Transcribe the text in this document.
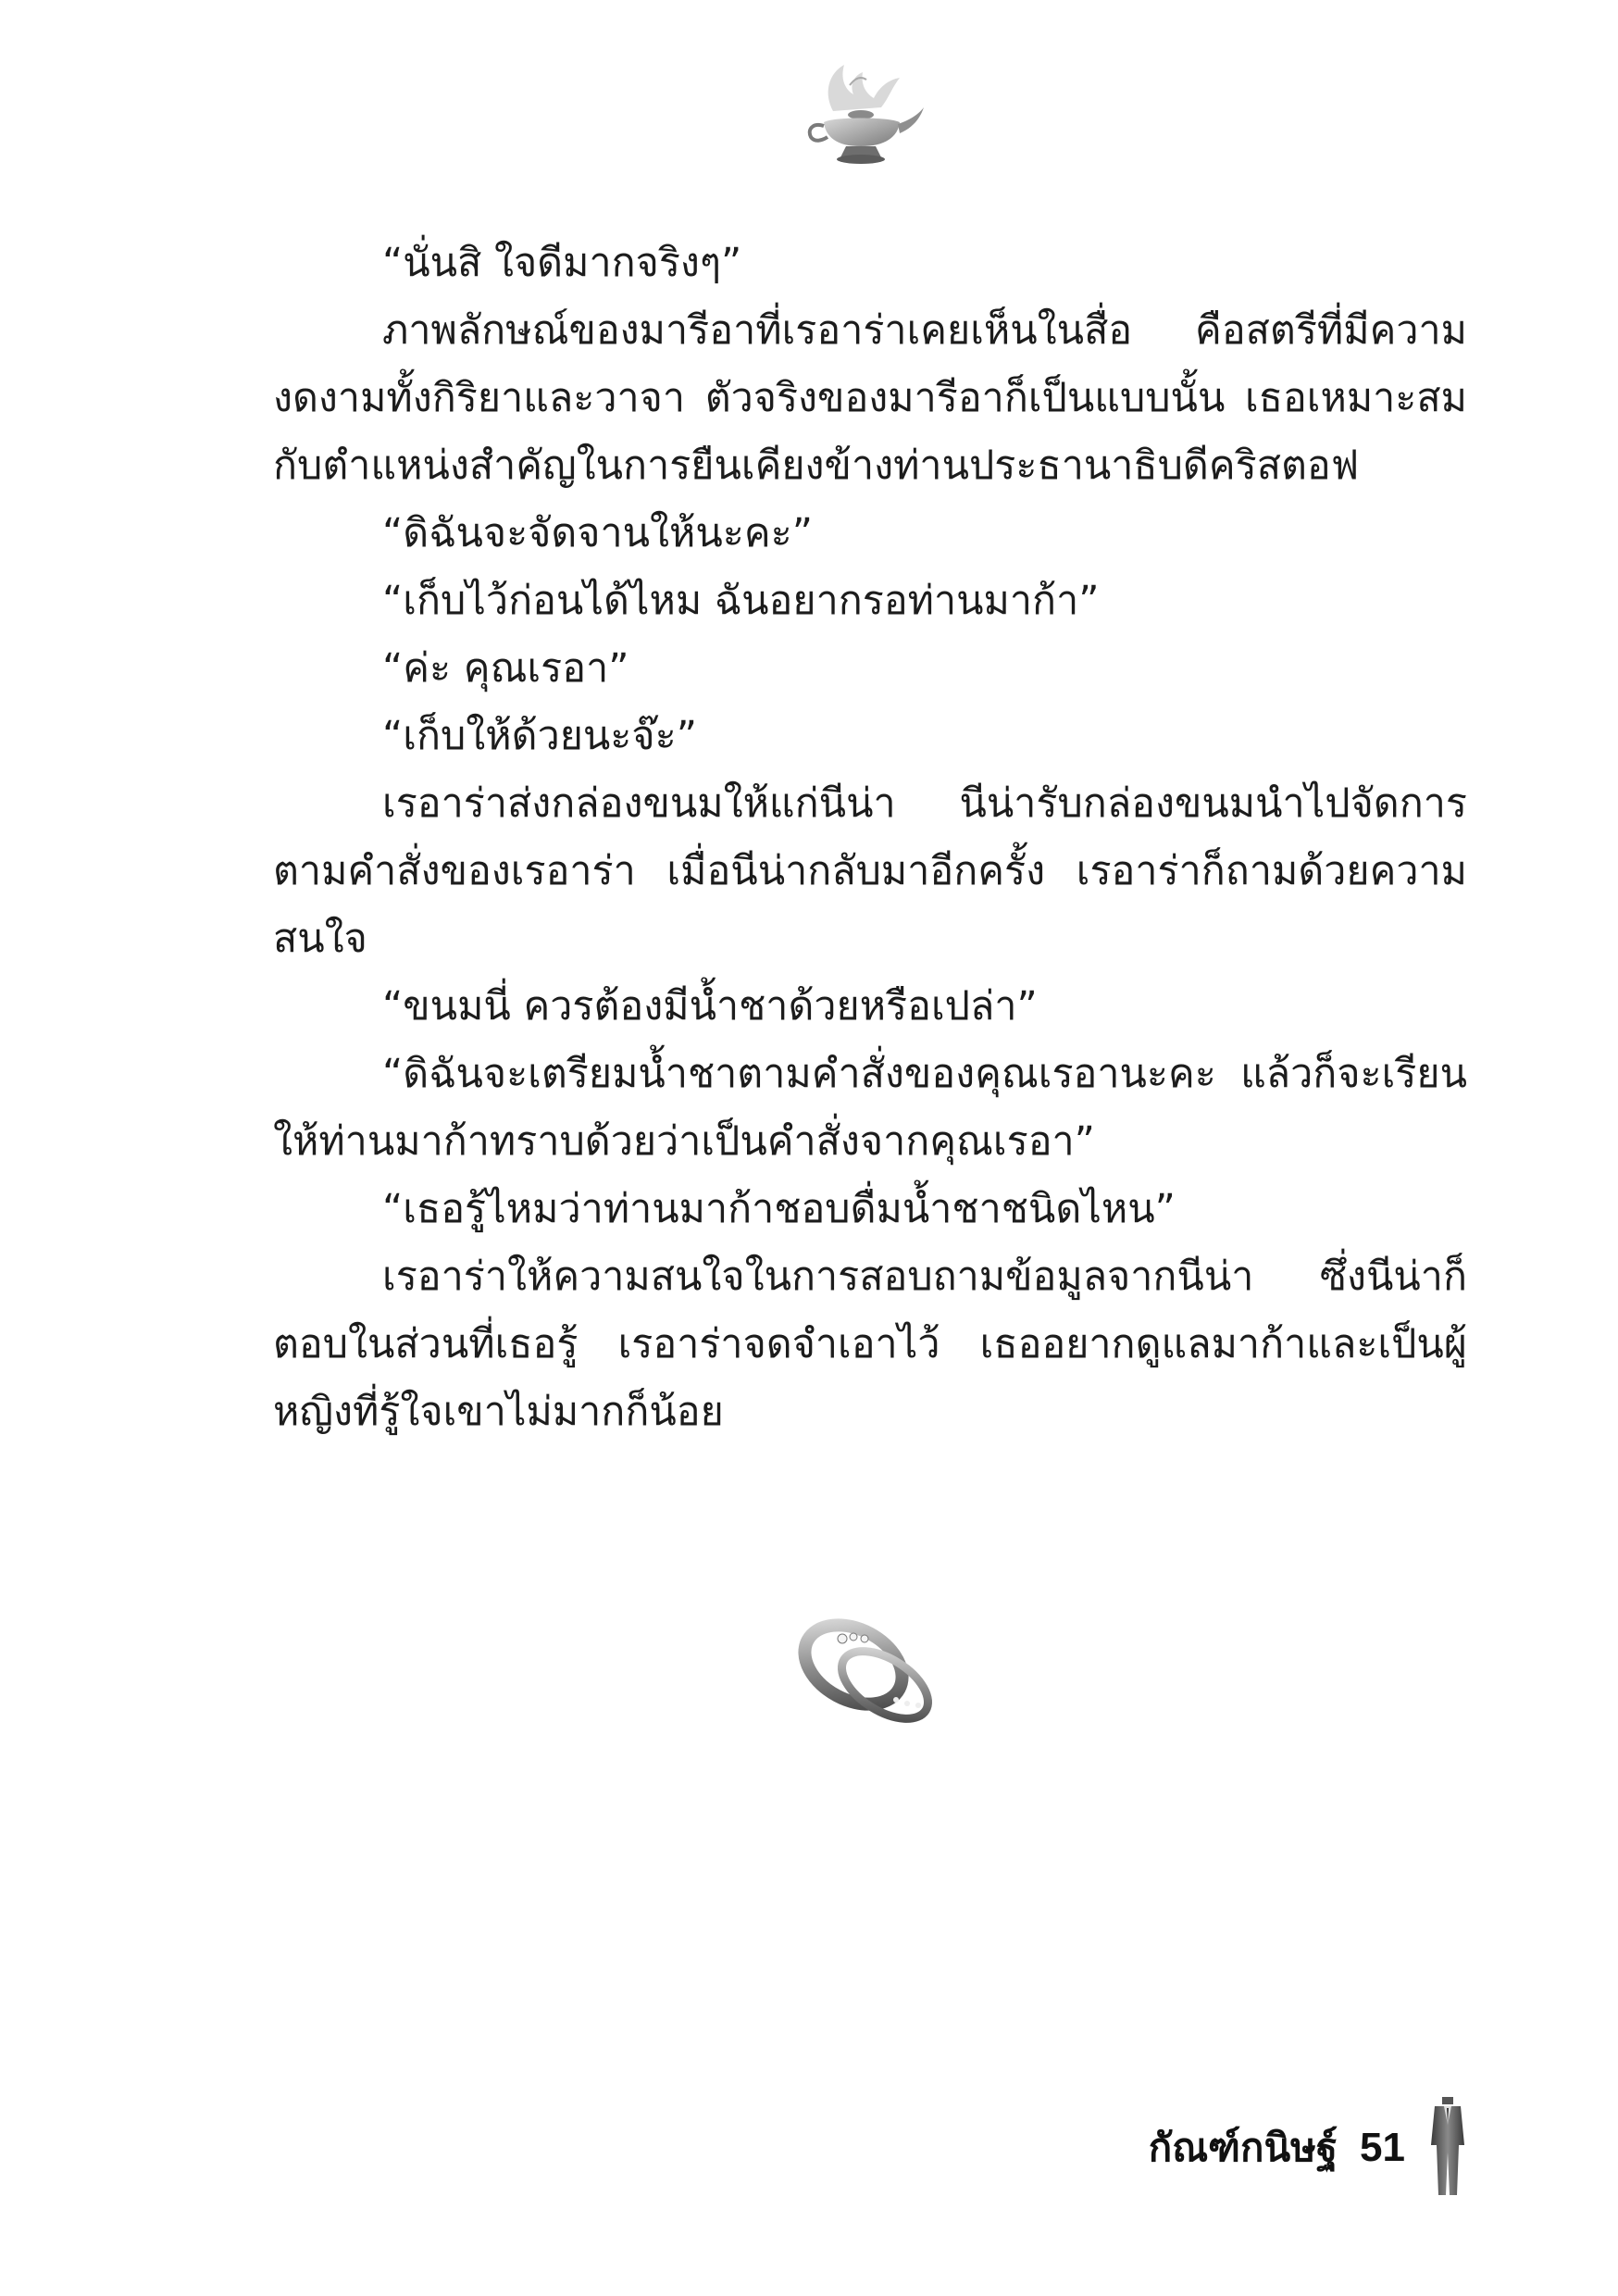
“นั่นสิ ใจดีมากจริงๆ”

ภาพลักษณ์ของมารีอาที่เรอาร่าเคยเห็นในสื่อ คือสตรีที่มีความงดงามทั้งกิริยาและวาจา ตัวจริงของมารีอาก็เป็นแบบนั้น เธอเหมาะสมกับตำแหน่งสำคัญในการยืนเคียงข้างท่านประธานาธิบดีคริสตอฟ

“ดิฉันจะจัดจานให้นะคะ”

“เก็บไว้ก่อนได้ไหม ฉันอยากรอท่านมาก้า”

“ค่ะ คุณเรอา”

“เก็บให้ด้วยนะจ๊ะ”

เรอาร่าส่งกล่องขนมให้แก่นีน่า นีน่ารับกล่องขนมนำไปจัดการตามคำสั่งของเรอาร่า เมื่อนีน่ากลับมาอีกครั้ง เรอาร่าก็ถามด้วยความสนใจ

“ขนมนี่ ควรต้องมีน้ำชาด้วยหรือเปล่า”

“ดิฉันจะเตรียมน้ำชาตามคำสั่งของคุณเรอานะคะ แล้วก็จะเรียนให้ท่านมาก้าทราบด้วยว่าเป็นคำสั่งจากคุณเรอา”

“เธอรู้ไหมว่าท่านมาก้าชอบดื่มน้ำชาชนิดไหน”

เรอาร่าให้ความสนใจในการสอบถามข้อมูลจากนีน่า ซึ่งนีน่าก็ตอบในส่วนที่เธอรู้ เรอาร่าจดจำเอาไว้ เธออยากดูแลมาก้าและเป็นผู้หญิงที่รู้ใจเขาไม่มากก็น้อย

กัณฑ์กนิษฐ์ 51
